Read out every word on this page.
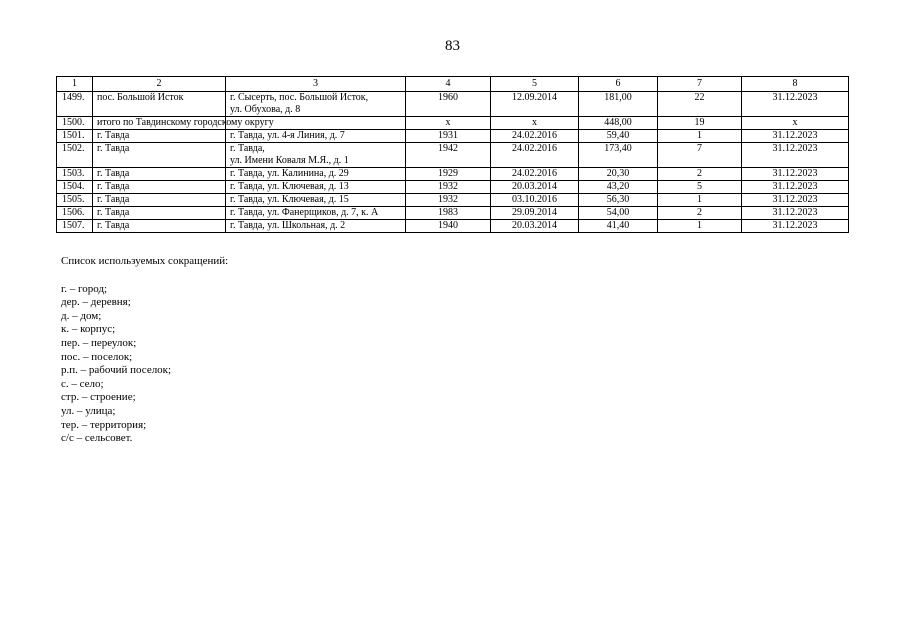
83
1	2	3	4	5	6	7	8
1499.	пос. Большой Исток	г. Сысерть, пос. Большой Исток,
ул. Обухова, д. 8	1960	12.09.2014	181,00	22	31.12.2023
1500.	итого по Тавдинскому городскому округу		х	х	448,00	19	х
1501.	г. Тавда	г. Тавда, ул. 4-я Линия, д. 7	1931	24.02.2016	59,40	1	31.12.2023
1502.	г. Тавда	г. Тавда,
ул. Имени Коваля М.Я., д. 1	1942	24.02.2016	173,40	7	31.12.2023
1503.	г. Тавда	г. Тавда, ул. Калинина, д. 29	1929	24.02.2016	20,30	2	31.12.2023
1504.	г. Тавда	г. Тавда, ул. Ключевая, д. 13	1932	20.03.2014	43,20	5	31.12.2023
1505.	г. Тавда	г. Тавда, ул. Ключевая, д. 15	1932	03.10.2016	56,30	1	31.12.2023
1506.	г. Тавда	г. Тавда, ул. Фанерщиков, д. 7, к. А	1983	29.09.2014	54,00	2	31.12.2023
1507.	г. Тавда	г. Тавда, ул. Школьная, д. 2	1940	20.03.2014	41,40	1	31.12.2023
Список используемых сокращений:
г. – город;
дер. – деревня;
д. – дом;
к. – корпус;
пер. – переулок;
пос. – поселок;
р.п. – рабочий поселок;
с. – село;
стр. – строение;
ул. – улица;
тер. – территория;
с/с – сельсовет.
